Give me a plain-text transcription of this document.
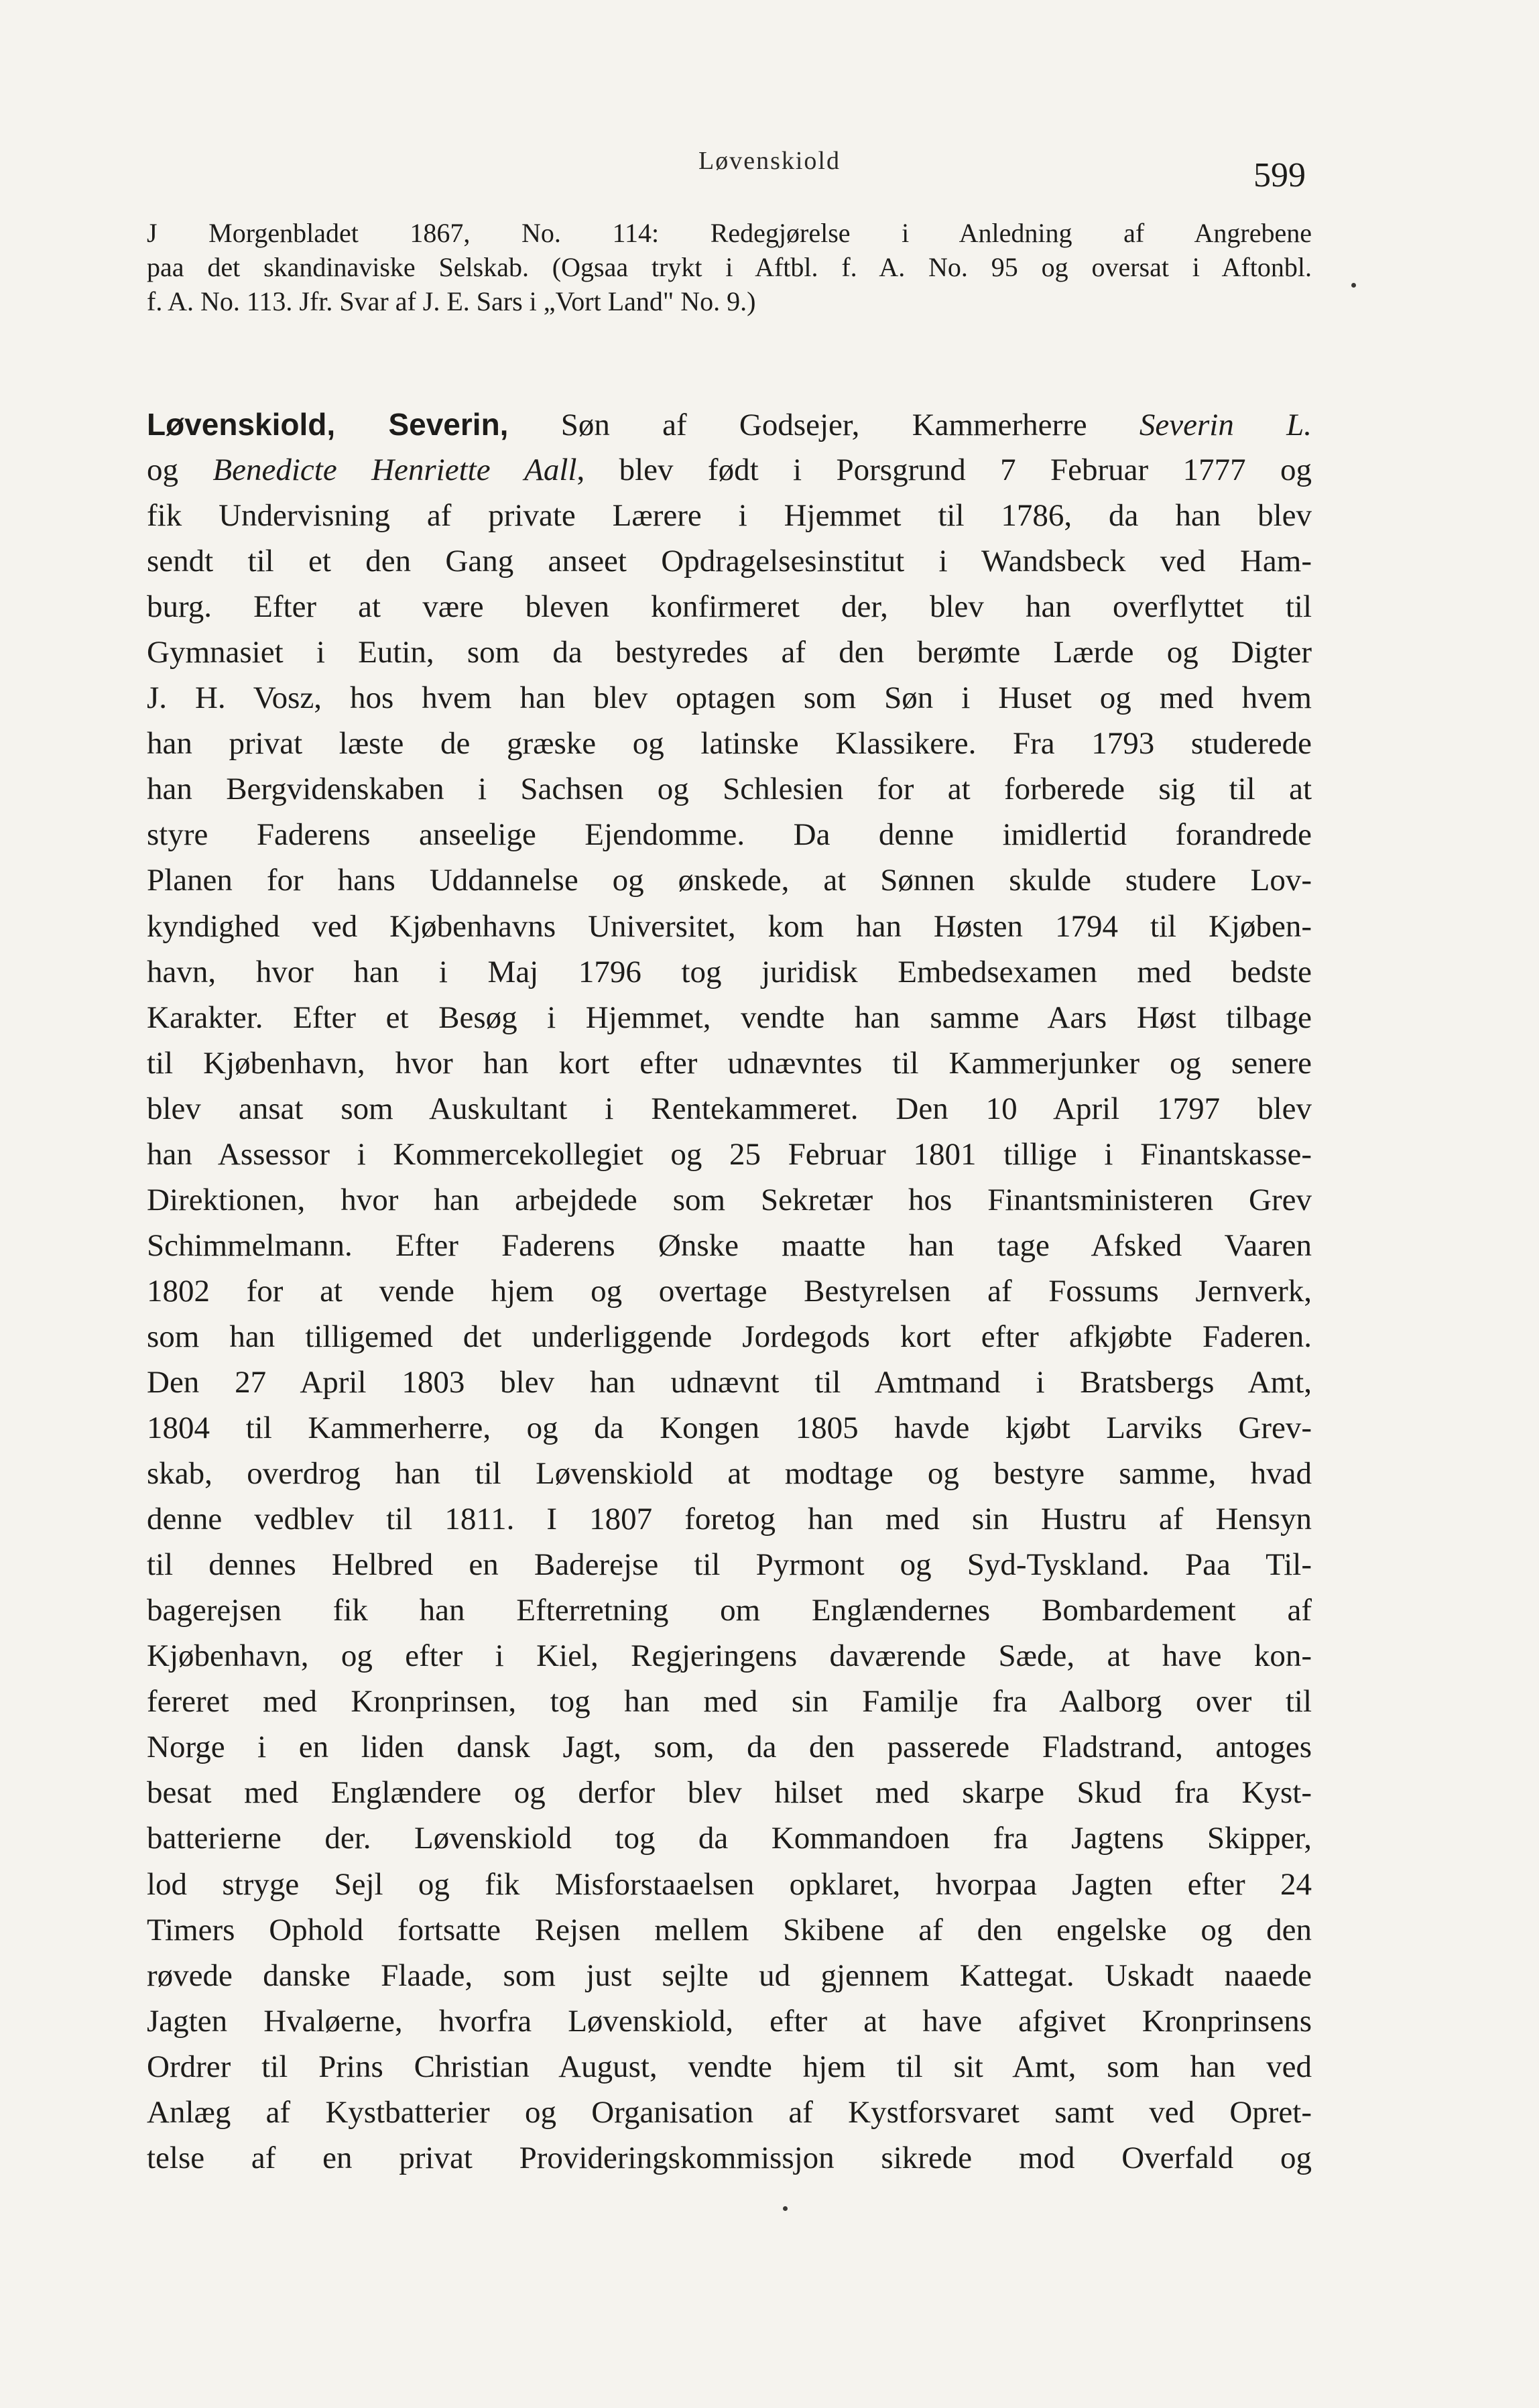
Løvenskiold	599
J Morgenbladet 1867, No. 114: Redegjørelse i Anledning af Angrebene
paa det skandinaviske Selskab. (Ogsaa trykt i Aftbl. f. A. No. 95 og oversat i Aftonbl.
f. A. No. 113. Jfr. Svar af J. E. Sars i „Vort Land" No. 9.)
Løvenskiold, Severin, Søn af Godsejer, Kammerherre Severin L.
og Benedicte Henriette Aall, blev født i Porsgrund 7 Februar 1777 og
fik Undervisning af private Lærere i Hjemmet til 1786, da han blev
sendt til et den Gang anseet Opdragelsesinstitut i Wandsbeck ved Ham-
burg. Efter at være bleven konfirmeret der, blev han overflyttet til
Gymnasiet i Eutin, som da bestyredes af den berømte Lærde og Digter
J. H. Vosz, hos hvem han blev optagen som Søn i Huset og med hvem
han privat læste de græske og latinske Klassikere. Fra 1793 studerede
han Bergvidenskaben i Sachsen og Schlesien for at forberede sig til at
styre Faderens anseelige Ejendomme. Da denne imidlertid forandrede
Planen for hans Uddannelse og ønskede, at Sønnen skulde studere Lov-
kyndighed ved Kjøbenhavns Universitet, kom han Høsten 1794 til Kjøben-
havn, hvor han i Maj 1796 tog juridisk Embedsexamen med bedste
Karakter. Efter et Besøg i Hjemmet, vendte han samme Aars Høst tilbage
til Kjøbenhavn, hvor han kort efter udnævntes til Kammerjunker og senere
blev ansat som Auskultant i Rentekammeret. Den 10 April 1797 blev
han Assessor i Kommercekollegiet og 25 Februar 1801 tillige i Finantskasse-
Direktionen, hvor han arbejdede som Sekretær hos Finantsministeren Grev
Schimmelmann. Efter Faderens Ønske maatte han tage Afsked Vaaren
1802 for at vende hjem og overtage Bestyrelsen af Fossums Jernverk,
som han tilligemed det underliggende Jordegods kort efter afkjøbte Faderen.
Den 27 April 1803 blev han udnævnt til Amtmand i Bratsbergs Amt,
1804 til Kammerherre, og da Kongen 1805 havde kjøbt Larviks Grev-
skab, overdrog han til Løvenskiold at modtage og bestyre samme, hvad
denne vedblev til 1811. I 1807 foretog han med sin Hustru af Hensyn
til dennes Helbred en Baderejse til Pyrmont og Syd-Tyskland. Paa Til-
bagerejsen fik han Efterretning om Englændernes Bombardement af
Kjøbenhavn, og efter i Kiel, Regjeringens daværende Sæde, at have kon-
fereret med Kronprinsen, tog han med sin Familje fra Aalborg over til
Norge i en liden dansk Jagt, som, da den passerede Fladstrand, antoges
besat med Englændere og derfor blev hilset med skarpe Skud fra Kyst-
batterierne der. Løvenskiold tog da Kommandoen fra Jagtens Skipper,
lod stryge Sejl og fik Misforstaaelsen opklaret, hvorpaa Jagten efter 24
Timers Ophold fortsatte Rejsen mellem Skibene af den engelske og den
røvede danske Flaade, som just sejlte ud gjennem Kattegat. Uskadt naaede
Jagten Hvaløerne, hvorfra Løvenskiold, efter at have afgivet Kronprinsens
Ordrer til Prins Christian August, vendte hjem til sit Amt, som han ved
Anlæg af Kystbatterier og Organisation af Kystforsvaret samt ved Opret-
telse af en privat Provideringskommissjon sikrede mod Overfald og
